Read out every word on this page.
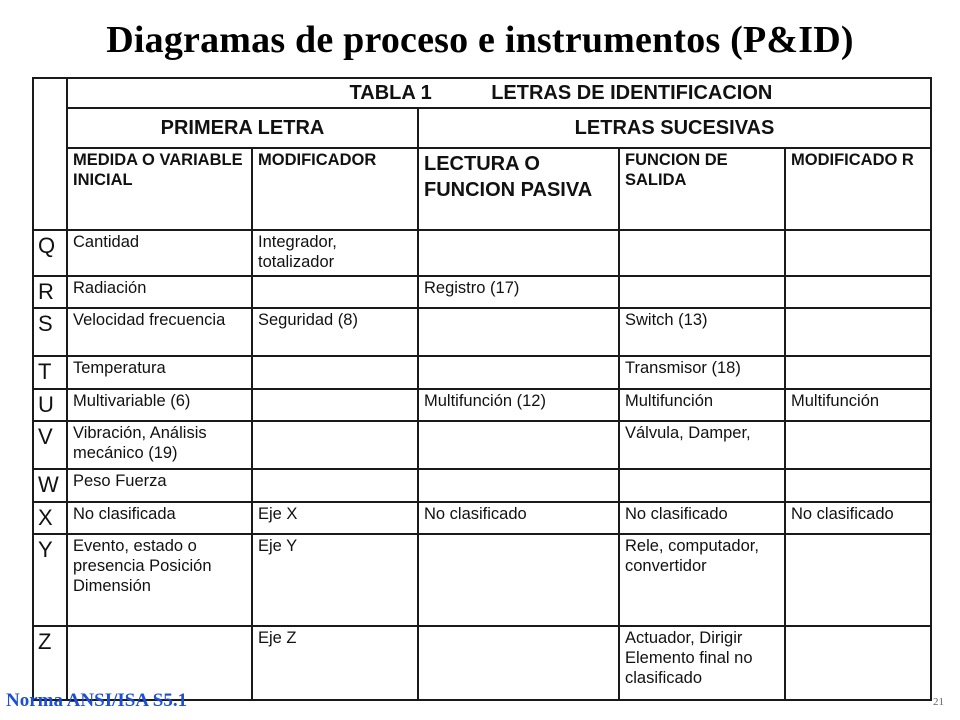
Diagramas de proceso e instrumentos (P&ID)
	TABLA 1 LETRAS DE IDENTIFICACION				
	PRIMERA LETRA		LETRAS SUCESIVAS		
	MEDIDA O VARIABLE INICIAL	MODIFICADOR	LECTURA O FUNCION PASIVA	FUNCION DE SALIDA	MODIFICADO R
Q	Cantidad	Integrador, totalizador			
R	Radiación		Registro (17)		
S	Velocidad frecuencia	Seguridad (8)		Switch (13)	
T	Temperatura			Transmisor (18)	
U	Multivariable (6)		Multifunción (12)	Multifunción	Multifunción
V	Vibración, Análisis mecánico (19)			Válvula, Damper,	
W	Peso Fuerza				
X	No clasificada	Eje X	No clasificado	No clasificado	No clasificado
Y	Evento, estado o presencia Posición Dimensión	Eje Y		Rele, computador, convertidor	
Z		Eje Z		Actuador, Dirigir Elemento final no clasificado	
Norma ANSI/ISA S5.1	21
